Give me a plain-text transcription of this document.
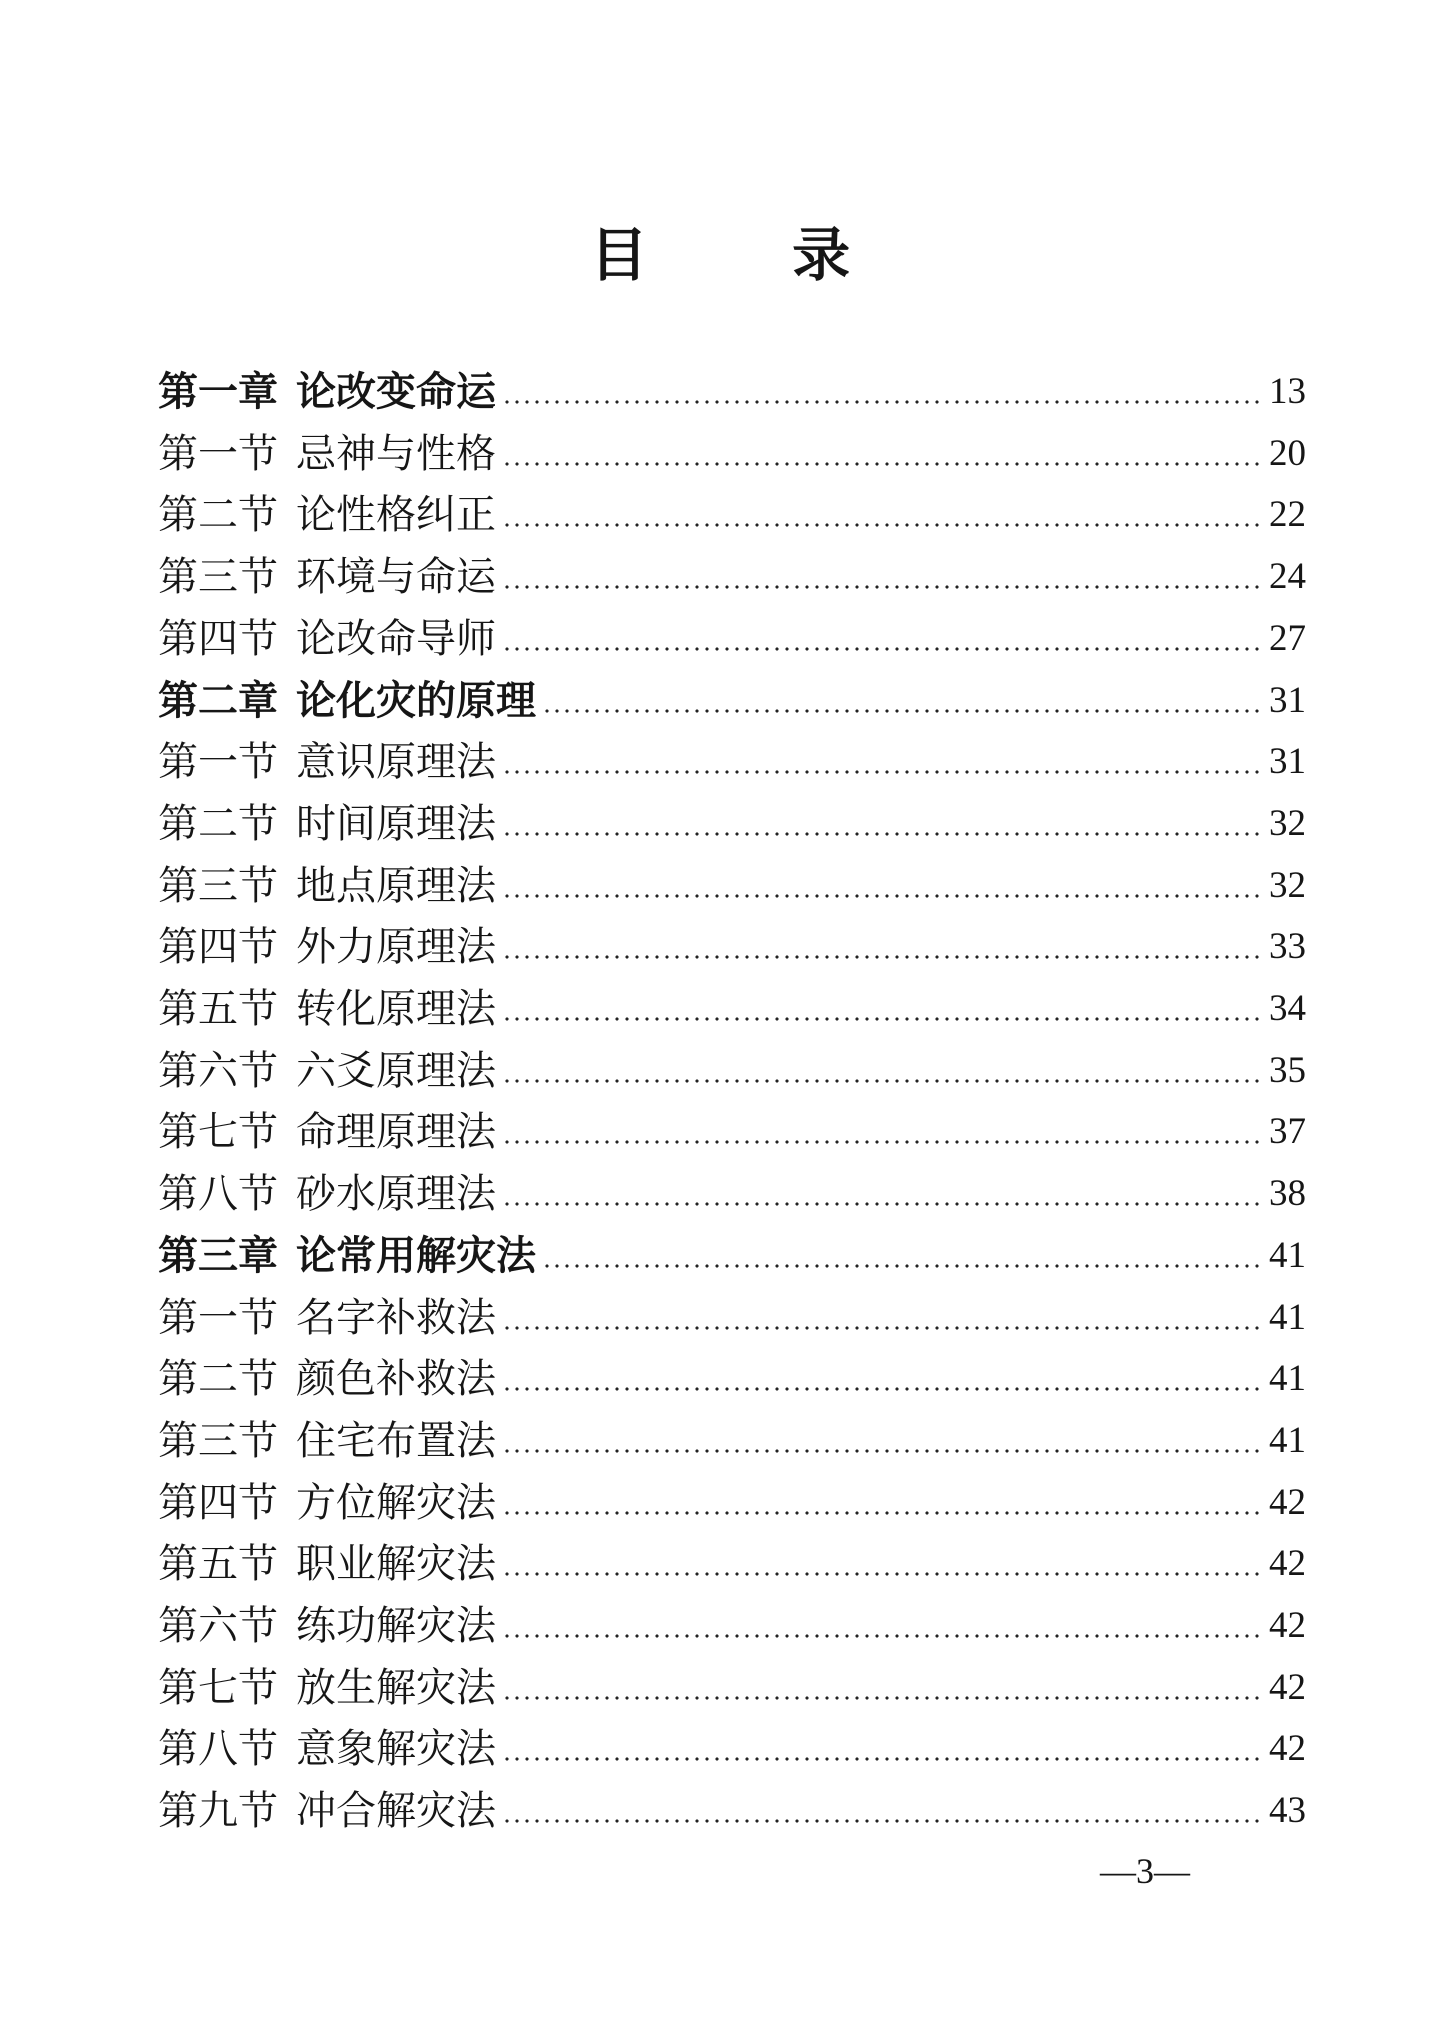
目 录
第一章 论改变命运	13
第一节 忌神与性格	20
第二节 论性格纠正	22
第三节 环境与命运	24
第四节 论改命导师	27
第二章 论化灾的原理	31
第一节 意识原理法	31
第二节 时间原理法	32
第三节 地点原理法	32
第四节 外力原理法	33
第五节 转化原理法	34
第六节 六爻原理法	35
第七节 命理原理法	37
第八节 砂水原理法	38
第三章 论常用解灾法	41
第一节 名字补救法	41
第二节 颜色补救法	41
第三节 住宅布置法	41
第四节 方位解灾法	42
第五节 职业解灾法	42
第六节 练功解灾法	42
第七节 放生解灾法	42
第八节 意象解灾法	42
第九节 冲合解灾法	43
—3—
